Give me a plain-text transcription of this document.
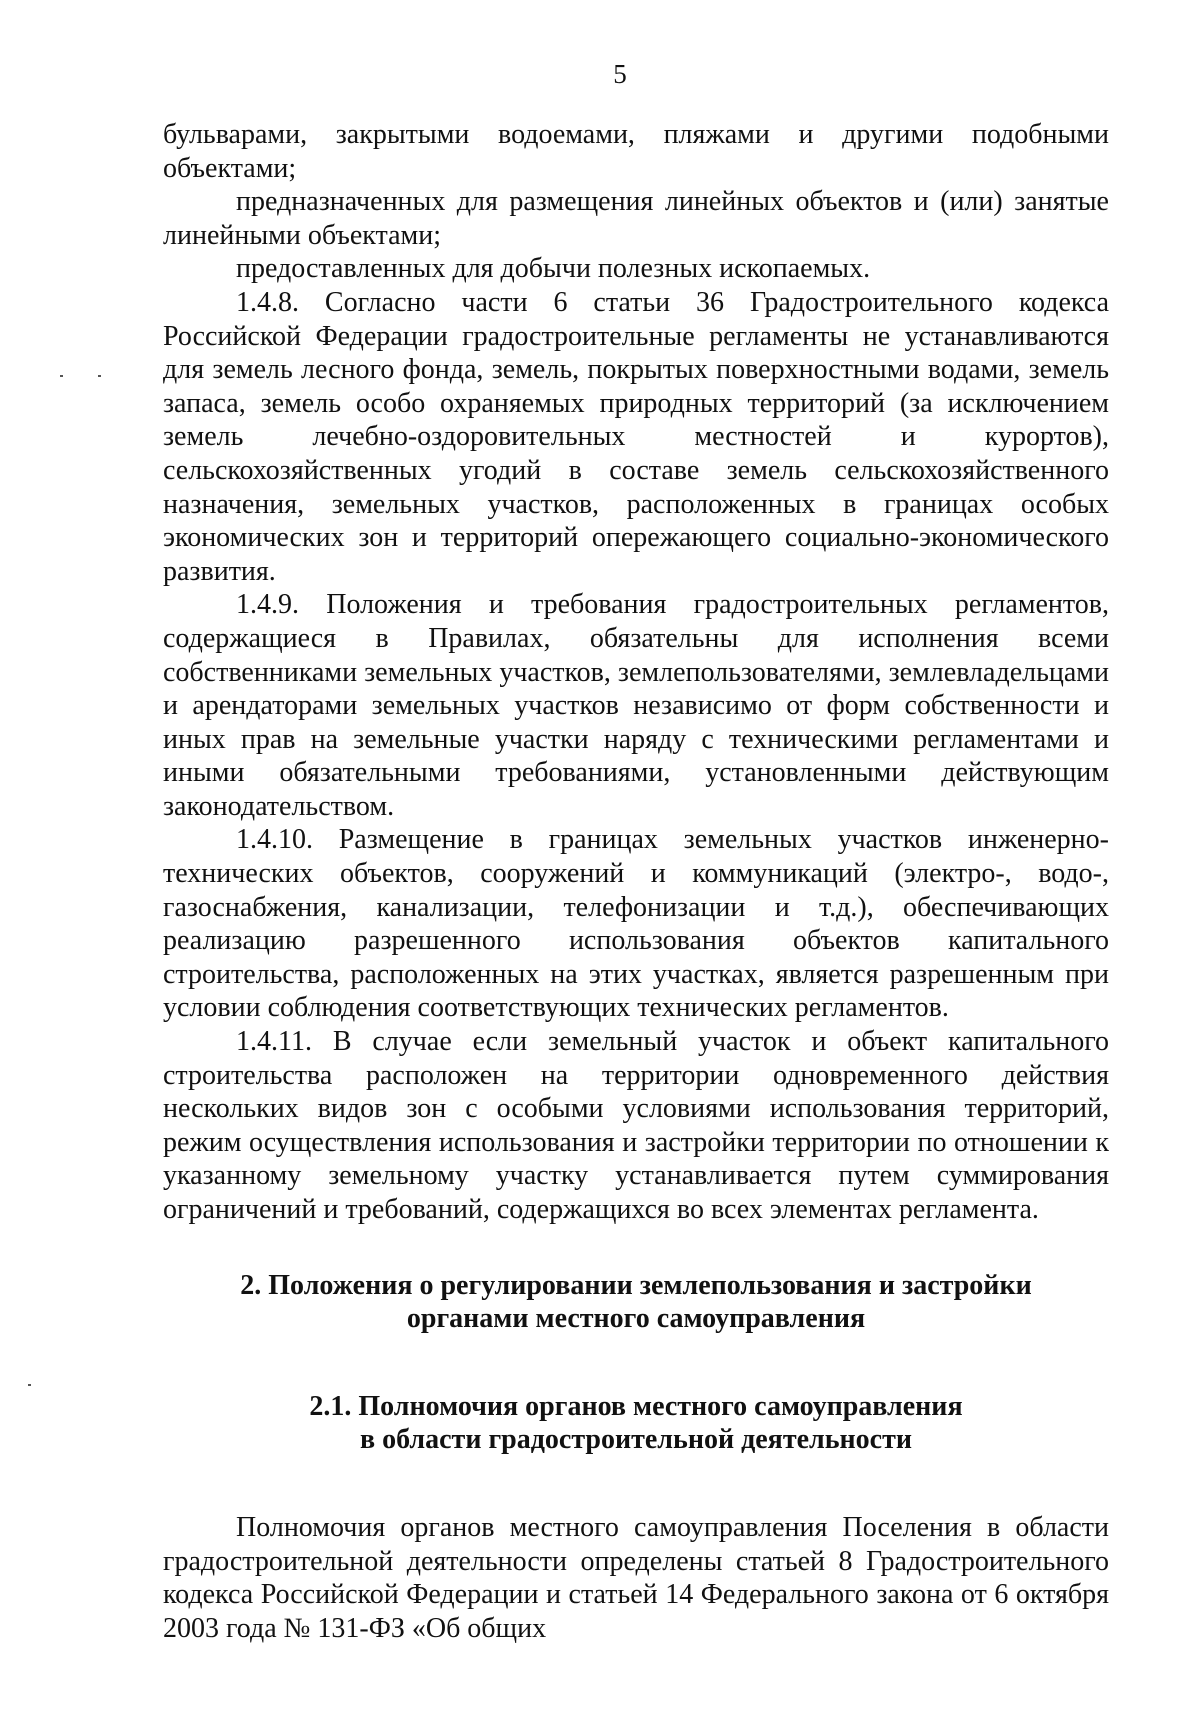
5

бульварами, закрытыми водоемами, пляжами и другими подобными объектами;

предназначенных для размещения линейных объектов и (или) занятые линейными объектами;

предоставленных для добычи полезных ископаемых.

1.4.8. Согласно части 6 статьи 36 Градостроительного кодекса Российской Федерации градостроительные регламенты не устанавливаются для земель лесного фонда, земель, покрытых поверхностными водами, земель запаса, земель особо охраняемых природных территорий (за исключением земель лечебно-оздоровительных местностей и курортов), сельскохозяйственных угодий в составе земель сельскохозяйственного назначения, земельных участков, расположенных в границах особых экономических зон и территорий опережающего социально-экономического развития.

1.4.9. Положения и требования градостроительных регламентов, содержащиеся в Правилах, обязательны для исполнения всеми собственниками земельных участков, землепользователями, землевладельцами и арендаторами земельных участков независимо от форм собственности и иных прав на земельные участки наряду с техническими регламентами и иными обязательными требованиями, установленными действующим законодательством.

1.4.10. Размещение в границах земельных участков инженерно-технических объектов, сооружений и коммуникаций (электро-, водо-, газоснабжения, канализации, телефонизации и т.д.), обеспечивающих реализацию разрешенного использования объектов капитального строительства, расположенных на этих участках, является разрешенным при условии соблюдения соответствующих технических регламентов.

1.4.11. В случае если земельный участок и объект капитального строительства расположен на территории одновременного действия нескольких видов зон с особыми условиями использования территорий, режим осуществления использования и застройки территории по отношении к указанному земельному участку устанавливается путем суммирования ограничений и требований, содержащихся во всех элементах регламента.

2. Положения о регулировании землепользования и застройки
органами местного самоуправления
2.1. Полномочия органов местного самоуправления
в области градостроительной деятельности

Полномочия органов местного самоуправления Поселения в области градостроительной деятельности определены статьей 8 Градостроительного кодекса Российской Федерации и статьей 14 Федерального закона от 6 октября 2003 года № 131-ФЗ «Об общих
